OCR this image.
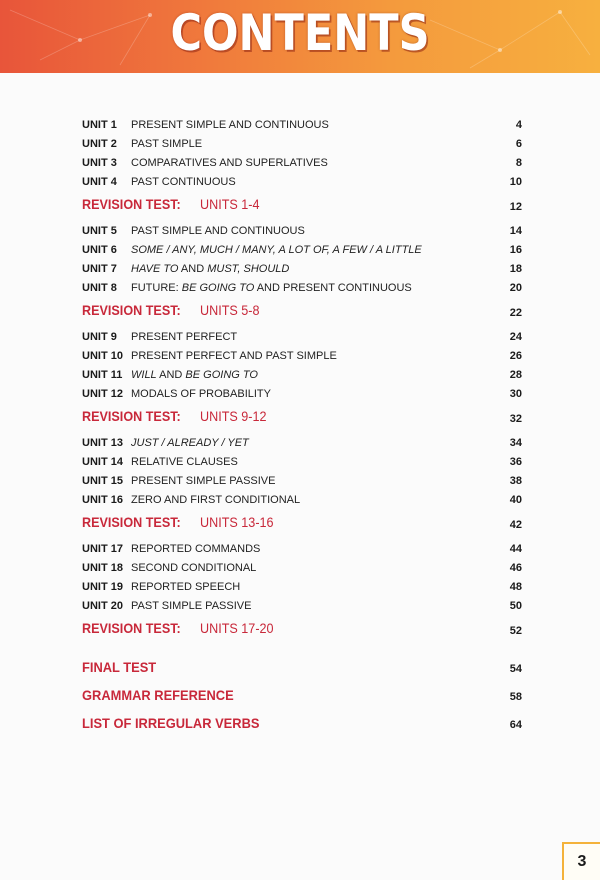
CONTENTS
UNIT 1 PRESENT SIMPLE AND CONTINUOUS	4
UNIT 2 PAST SIMPLE	6
UNIT 3 COMPARATIVES AND SUPERLATIVES	8
UNIT 4 PAST CONTINUOUS	10
REVISION TEST: UNITS 1-4	12
UNIT 5 PAST SIMPLE AND CONTINUOUS	14
UNIT 6 SOME / ANY, MUCH / MANY, A LOT OF, A FEW / A LITTLE	16
UNIT 7 HAVE TO AND MUST, SHOULD	18
UNIT 8 FUTURE: BE GOING TO AND PRESENT CONTINUOUS	20
REVISION TEST: UNITS 5-8	22
UNIT 9 PRESENT PERFECT	24
UNIT 10 PRESENT PERFECT AND PAST SIMPLE	26
UNIT 11 WILL AND BE GOING TO	28
UNIT 12 MODALS OF PROBABILITY	30
REVISION TEST: UNITS 9-12	32
UNIT 13 JUST / ALREADY / YET	34
UNIT 14 RELATIVE CLAUSES	36
UNIT 15 PRESENT SIMPLE PASSIVE	38
UNIT 16 ZERO AND FIRST CONDITIONAL	40
REVISION TEST: UNITS 13-16	42
UNIT 17 REPORTED COMMANDS	44
UNIT 18 SECOND CONDITIONAL	46
UNIT 19 REPORTED SPEECH	48
UNIT 20 PAST SIMPLE PASSIVE	50
REVISION TEST: UNITS 17-20	52
FINAL TEST	54
GRAMMAR REFERENCE	58
LIST OF IRREGULAR VERBS	64
3
